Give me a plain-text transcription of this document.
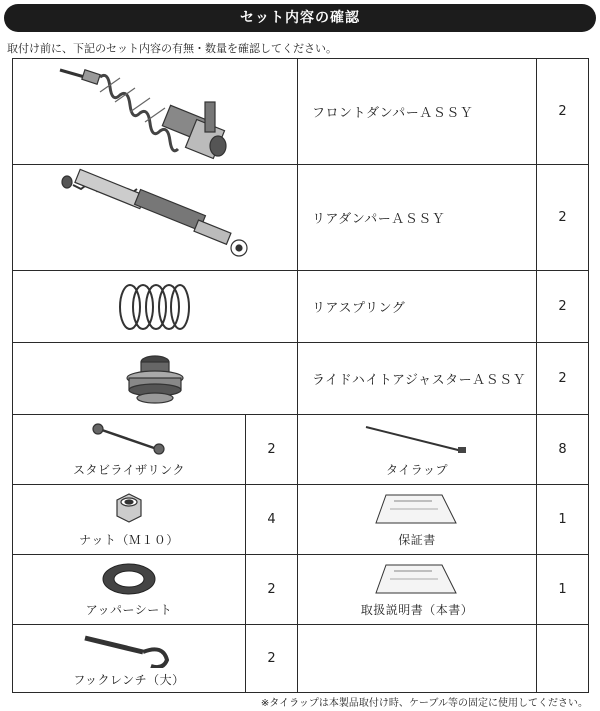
セット内容の確認
取付け前に、下記のセット内容の有無・数量を確認してください。
	フロントダンパーＡＳＳＹ	2

	リアダンパーＡＳＳＹ	2

	リアスプリング	2

	ライドハイトアジャスターＡＳＳＹ	2

スタビライザリンク	2	タイラップ	8

ナット（Ｍ１０）	4	保証書	1

アッパーシート	2	取扱説明書（本書）	1

フックレンチ（大）	2		
※タイラップは本製品取付け時、ケーブル等の固定に使用してください。
